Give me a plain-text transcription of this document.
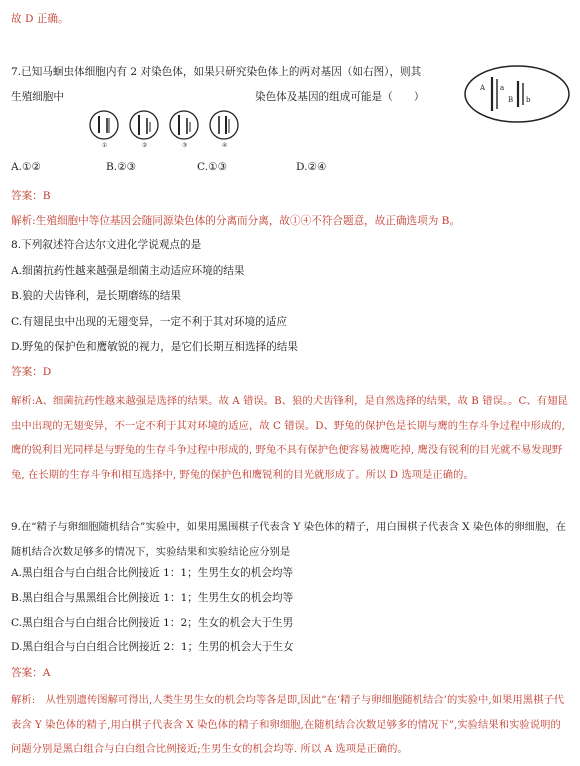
故 D 正确。
7.已知马蛔虫体细胞内有 2 对染色体，如果只研究染色体上的两对基因（如右图），则其
生殖细胞中	染色体及基因的组成可能是（　　）
①	②	③	④
A a
B b
A.①②	B.②③	C.①③	D.②④
答案：B
解析:生殖细胞中等位基因会随同源染色体的分离而分离，故①④不符合题意，故正确选项为 B。
8.下列叙述符合达尔文进化学说观点的是
A.细菌抗药性越来越强是细菌主动适应环境的结果
B.狼的犬齿锋利，是长期磨练的结果
C.有翅昆虫中出现的无翅变异，一定不利于其对环境的适应
D.野兔的保护色和鹰敏锐的视力，是它们长期互相选择的结果
答案：D
解析:A、细菌抗药性越来越强是选择的结果。故 A 错误。B、狼的犬齿锋利，是自然选择的结果，故 B 错误。。C、有翅昆虫中出现的无翅变异，不一定不利于其对环境的适应，故 C 错误。D、野兔的保护色是长期与鹰的生存斗争过程中形成的, 鹰的锐利目光同样是与野兔的生存斗争过程中形成的, 野兔不具有保护色便容易被鹰吃掉, 鹰没有锐利的目光就不易发现野兔, 在长期的生存斗争和相互选择中, 野兔的保护色和鹰锐利的目光就形成了。所以 D 选项是正确的。
9.在“精子与卵细胞随机结合”实验中，如果用黑围棋子代表含 Y 染色体的精子，用白围棋子代表含 X 染色体的卵细胞，在随机结合次数足够多的情况下，实验结果和实验结论应分别是
A.黑白组合与白白组合比例接近 1：1；生男生女的机会均等
B.黑白组合与黑黑组合比例接近 1：1；生男生女的机会均等
C.黑白组合与白白组合比例接近 1：2；生女的机会大于生男
D.黑白组合与白白组合比例接近 2：1；生男的机会大于生女
答案：A
解析:　从性别遗传图解可得出,人类生男生女的机会均等各是即,因此“在‘精子与卵细胞随机结合’的实验中,如果用黑棋子代表含 Y 染色体的精子,用白棋子代表含 X 染色体的精子和卵细胞,在随机结合次数足够多的情况下”,实验结果和实验说明的问题分别是黑白组合与白白组合比例接近;生男生女的机会均等. 所以 A 选项是正确的。
